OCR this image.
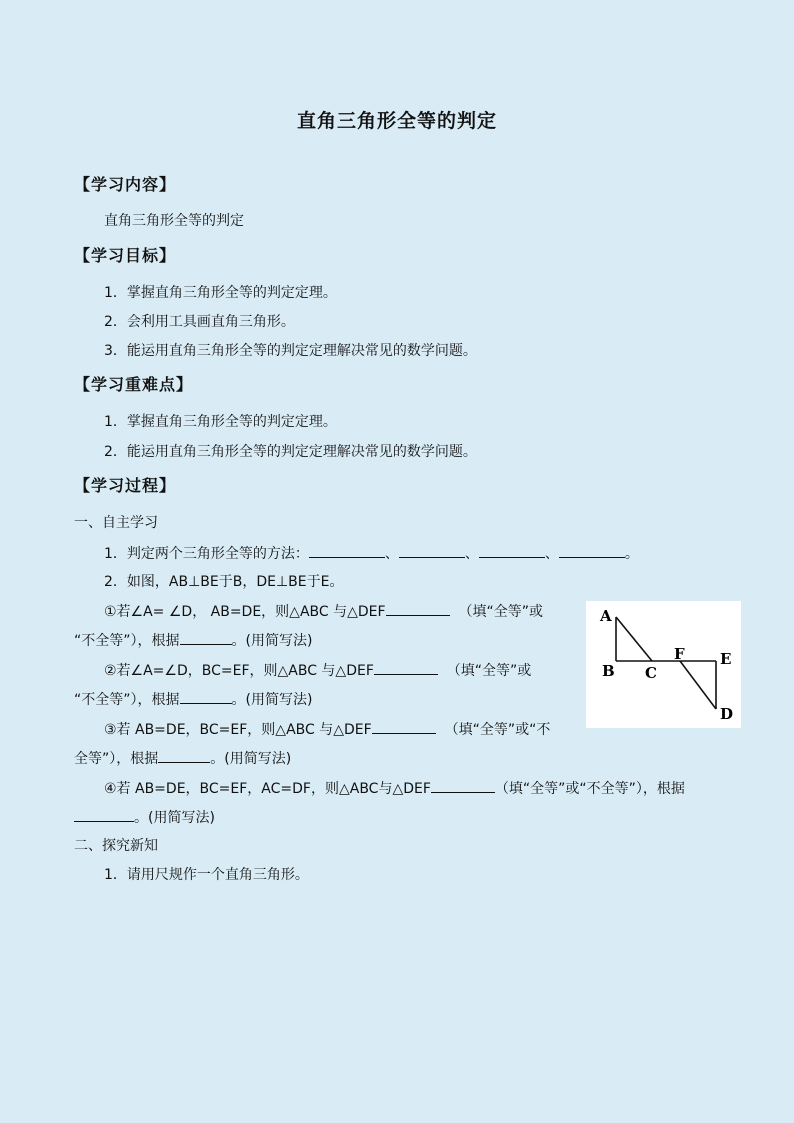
直角三角形全等的判定
【学习内容】
直角三角形全等的判定
【学习目标】
1．掌握直角三角形全等的判定定理。
2．会利用工具画直角三角形。
3．能运用直角三角形全等的判定定理解决常见的数学问题。
【学习重难点】
1．掌握直角三角形全等的判定定理。
2．能运用直角三角形全等的判定定理解决常见的数学问题。
【学习过程】
一、自主学习
1．判定两个三角形全等的方法：	、	、	、	。
2．如图，AB⊥BE于B，DE⊥BE于E。
①若∠A= ∠D， AB=DE，则△ABC 与△DEF	（填“全等”或
“不全等”），根据	。(用简写法)
②若∠A=∠D，BC=EF，则△ABC 与△DEF	（填“全等”或
“不全等”），根据	。(用简写法)
③若 AB=DE，BC=EF，则△ABC 与△DEF	（填“全等”或“不
全等”），根据	。(用简写法)
④若 AB=DE，BC=EF，AC=DF，则△ABC与△DEF	（填“全等”或“不全等”），根据
。(用简写法)
二、探究新知
1．请用尺规作一个直角三角形。
A
B C
F E
D
